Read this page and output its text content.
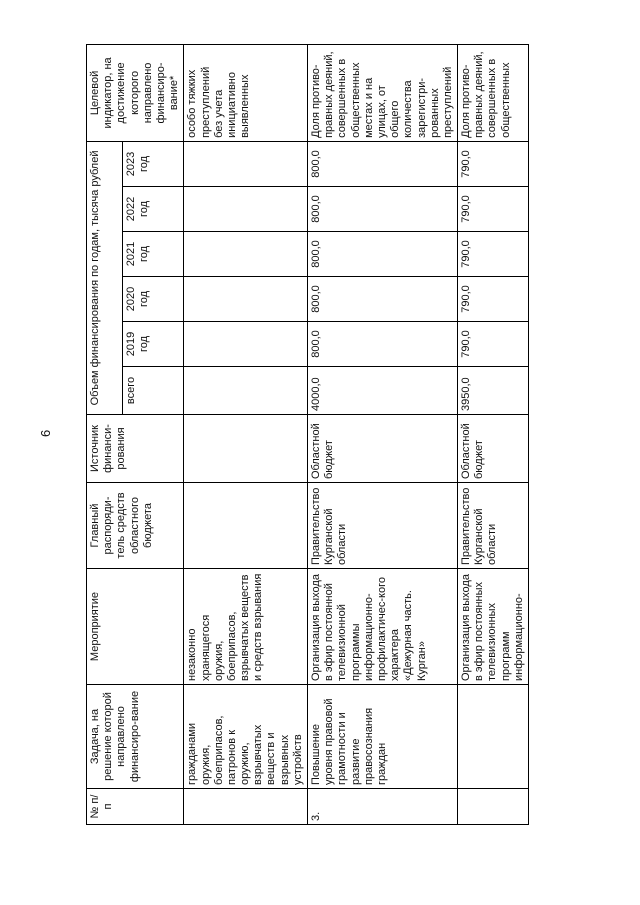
6
№ п/п	Задача, на решение которой направлено финансиро-вание	Мероприятие	Главный распоряди-тель средств областного бюджета	Источник финанси-рования	Объем финансирования по годам, тысяча рублей						Целевой индикатор, на достижение которого направлено финансиро-вание*
					всего	2019 год	2020 год	2021 год	2022 год	2023 год	
	гражданами оружия, боеприпасов, патронов к оружию, взрывчатых веществ и взрывных устройств	незаконно хранящегося оружия, боеприпасов, взрывчатых веществ и средств взрывания									особо тяжких преступлений без учета инициативно выявленных
3.	Повышение уровня правовой грамотности и развитие правосознания граждан	Организация выхода в эфир постоянной телевизионной программы информационно-профилактичес-кого характера «Дежурная часть. Курган»	Правительство Курганской области	Областной бюджет	4000,0	800,0	800,0	800,0	800,0	800,0	Доля противо-правных деяний, совершенных в общественных местах и на улицах, от общего количества зарегистри-рованных преступлений
		Организация выхода в эфир постоянных телевизионных программ информационно-	Правительство Курганской области	Областной бюджет	3950,0	790,0	790,0	790,0	790,0	790,0	Доля противо-правных деяний, совершенных в общественных
